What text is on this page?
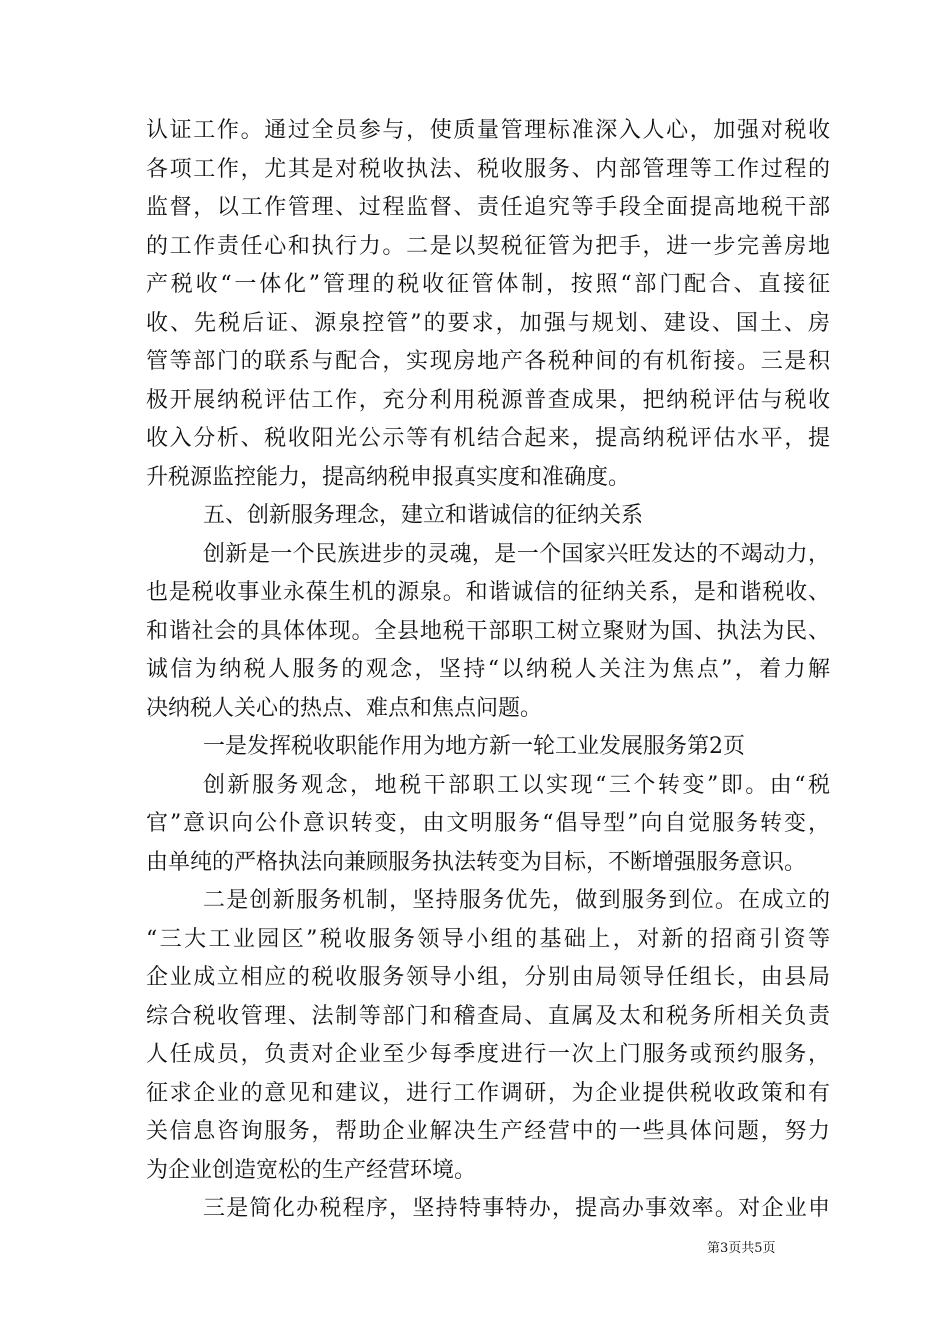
认证工作。通过全员参与，使质量管理标准深入人心，加强对税收
各项工作，尤其是对税收执法、税收服务、内部管理等工作过程的
监督，以工作管理、过程监督、责任追究等手段全面提高地税干部
的工作责任心和执行力。二是以契税征管为把手，进一步完善房地
产税收“一体化”管理的税收征管体制，按照“部门配合、直接征
收、先税后证、源泉控管”的要求，加强与规划、建设、国土、房
管等部门的联系与配合，实现房地产各税种间的有机衔接。三是积
极开展纳税评估工作，充分利用税源普查成果，把纳税评估与税收
收入分析、税收阳光公示等有机结合起来，提高纳税评估水平，提
升税源监控能力，提高纳税申报真实度和准确度。
五、创新服务理念，建立和谐诚信的征纳关系
创新是一个民族进步的灵魂，是一个国家兴旺发达的不竭动力，
也是税收事业永葆生机的源泉。和谐诚信的征纳关系，是和谐税收、
和谐社会的具体体现。全县地税干部职工树立聚财为国、执法为民、
诚信为纳税人服务的观念，坚持“以纳税人关注为焦点”，着力解
决纳税人关心的热点、难点和焦点问题。
一是发挥税收职能作用为地方新一轮工业发展服务第2页
创新服务观念，地税干部职工以实现“三个转变”即。由“税
官”意识向公仆意识转变，由文明服务“倡导型”向自觉服务转变，
由单纯的严格执法向兼顾服务执法转变为目标，不断增强服务意识。
二是创新服务机制，坚持服务优先，做到服务到位。在成立的
“三大工业园区”税收服务领导小组的基础上，对新的招商引资等
企业成立相应的税收服务领导小组，分别由局领导任组长，由县局
综合税收管理、法制等部门和稽查局、直属及太和税务所相关负责
人任成员，负责对企业至少每季度进行一次上门服务或预约服务，
征求企业的意见和建议，进行工作调研，为企业提供税收政策和有
关信息咨询服务，帮助企业解决生产经营中的一些具体问题，努力
为企业创造宽松的生产经营环境。
三是简化办税程序，坚持特事特办，提高办事效率。对企业申
第3页共5页
